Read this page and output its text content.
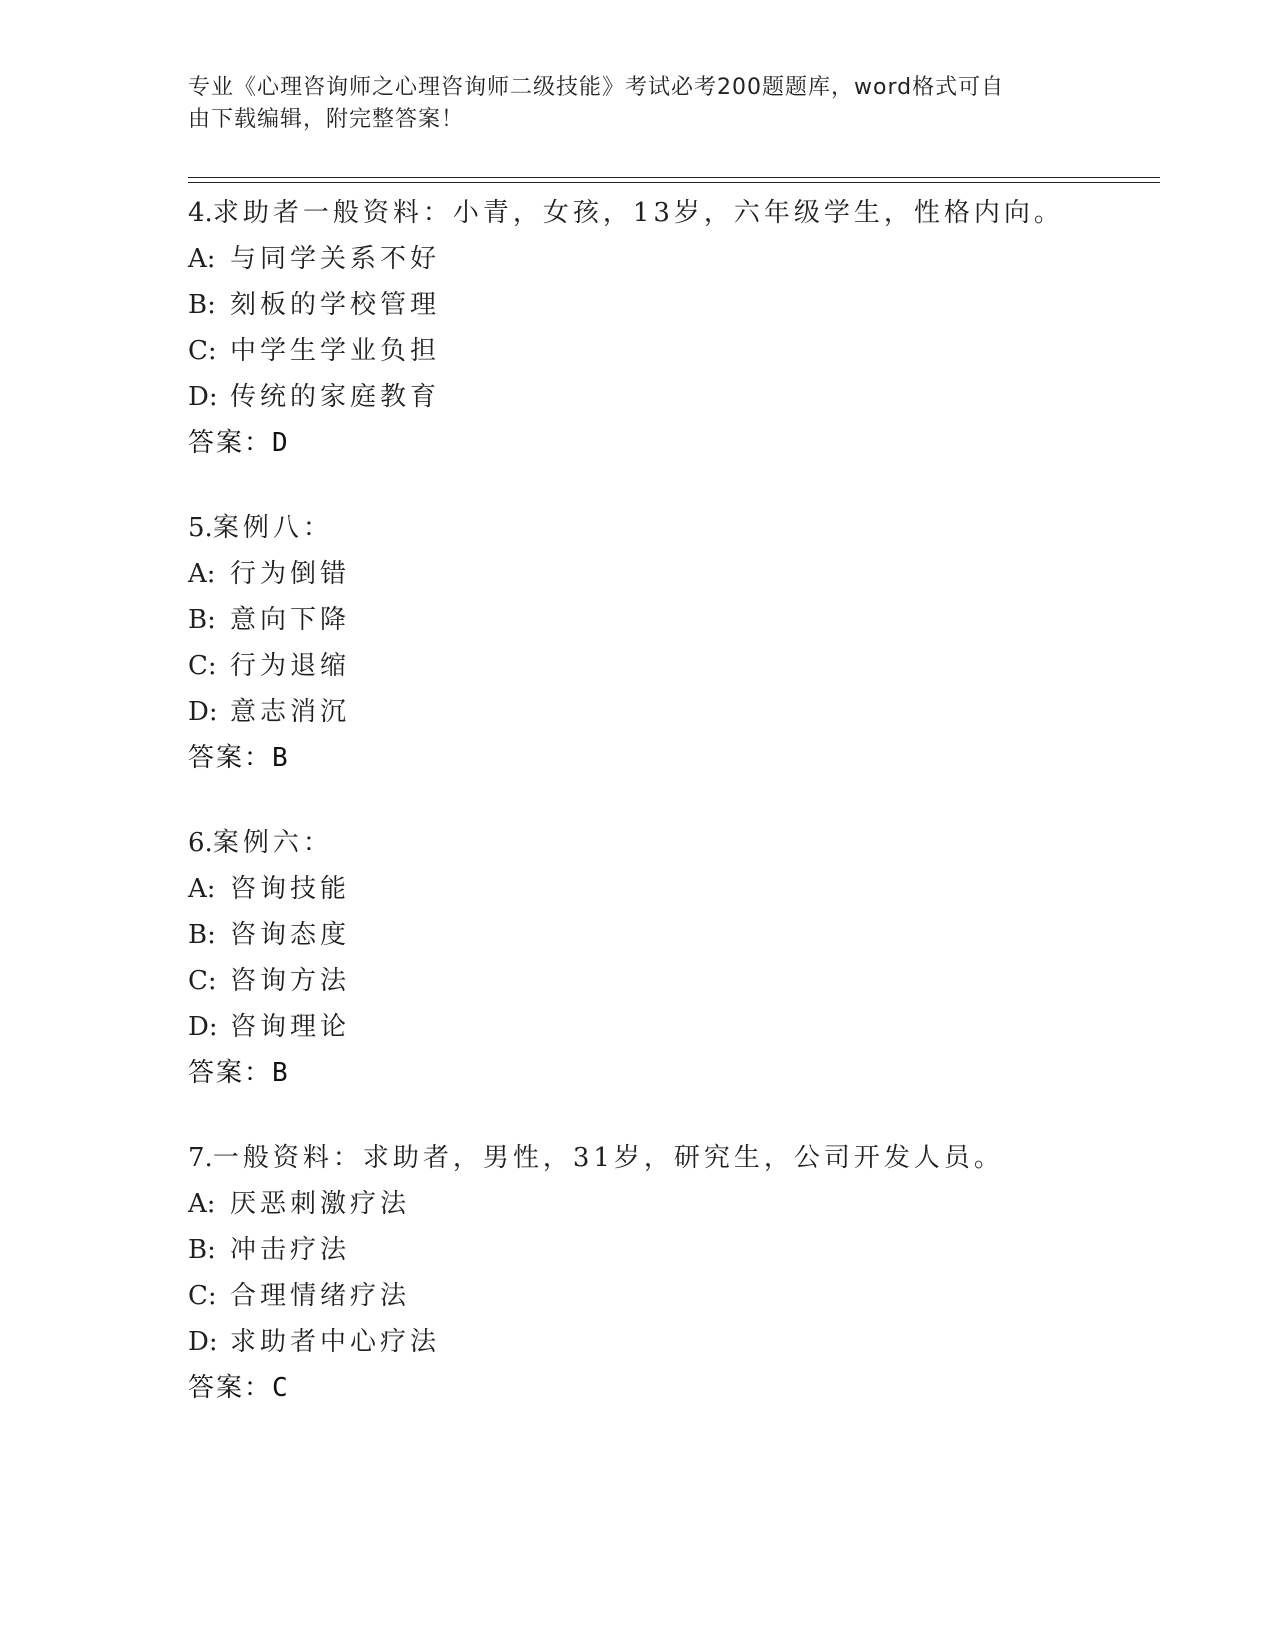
专业《心理咨询师之心理咨询师二级技能》考试必考200题题库，word格式可自
由下载编辑，附完整答案！
4.求助者一般资料：小青，女孩，13岁，六年级学生，性格内向。
A: 与同学关系不好
B: 刻板的学校管理
C: 中学生学业负担
D: 传统的家庭教育
答案：D
5.案例八：
A: 行为倒错
B: 意向下降
C: 行为退缩
D: 意志消沉
答案：B
6.案例六：
A: 咨询技能
B: 咨询态度
C: 咨询方法
D: 咨询理论
答案：B
7.一般资料：求助者，男性，31岁，研究生，公司开发人员。
A: 厌恶刺激疗法
B: 冲击疗法
C: 合理情绪疗法
D: 求助者中心疗法
答案：C
